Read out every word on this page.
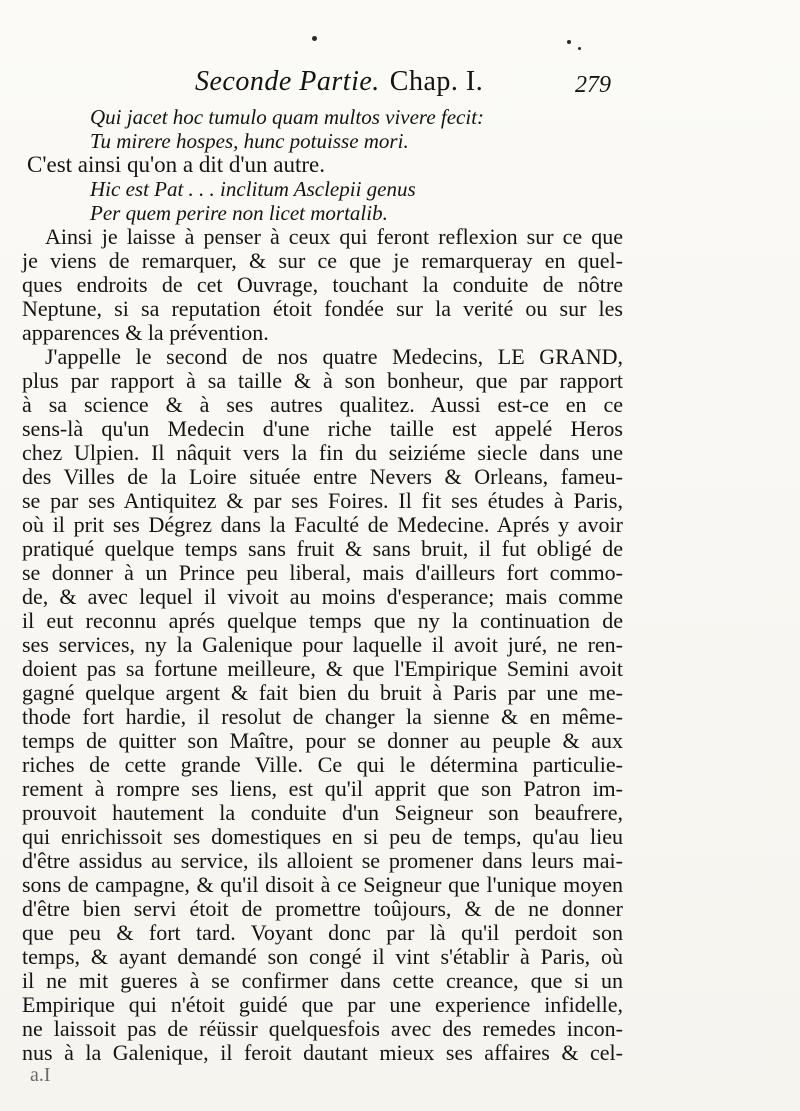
Seconde Partie. Chap. I.	279
Qui jacet hoc tumulo quam multos vivere fecit:
Tu mirere hospes, hunc potuisse mori.
C'est ainsi qu'on a dit d'un autre.
Hic est Pat . . . inclitum Asclepii genus
Per quem perire non licet mortalib.
Ainsi je laisse à penser à ceux qui feront reflexion sur ce que
je viens de remarquer, & sur ce que je remarqueray en quel-
ques endroits de cet Ouvrage, touchant la conduite de nôtre
Neptune, si sa reputation étoit fondée sur la verité ou sur les
apparences & la prévention.
J'appelle le second de nos quatre Medecins, LE GRAND,
plus par rapport à sa taille & à son bonheur, que par rapport
à sa science & à ses autres qualitez. Aussi est-ce en ce
sens-là qu'un Medecin d'une riche taille est appelé Heros
chez Ulpien. Il nâquit vers la fin du seiziéme siecle dans une
des Villes de la Loire située entre Nevers & Orleans, fameu-
se par ses Antiquitez & par ses Foires. Il fit ses études à Paris,
où il prit ses Dégrez dans la Faculté de Medecine. Aprés y avoir
pratiqué quelque temps sans fruit & sans bruit, il fut obligé de
se donner à un Prince peu liberal, mais d'ailleurs fort commo-
de, & avec lequel il vivoit au moins d'esperance; mais comme
il eut reconnu aprés quelque temps que ny la continuation de
ses services, ny la Galenique pour laquelle il avoit juré, ne ren-
doient pas sa fortune meilleure, & que l'Empirique Semini avoit
gagné quelque argent & fait bien du bruit à Paris par une me-
thode fort hardie, il resolut de changer la sienne & en même-
temps de quitter son Maître, pour se donner au peuple & aux
riches de cette grande Ville. Ce qui le détermina particulie-
rement à rompre ses liens, est qu'il apprit que son Patron im-
prouvoit hautement la conduite d'un Seigneur son beaufrere,
qui enrichissoit ses domestiques en si peu de temps, qu'au lieu
d'être assidus au service, ils alloient se promener dans leurs mai-
sons de campagne, & qu'il disoit à ce Seigneur que l'unique moyen
d'être bien servi étoit de promettre toûjours, & de ne donner
que peu & fort tard. Voyant donc par là qu'il perdoit son
temps, & ayant demandé son congé il vint s'établir à Paris, où
il ne mit gueres à se confirmer dans cette creance, que si un
Empirique qui n'étoit guidé que par une experience infidelle,
ne laissoit pas de réüssir quelquesfois avec des remedes incon-
nus à la Galenique, il feroit dautant mieux ses affaires & cel-
a.I
